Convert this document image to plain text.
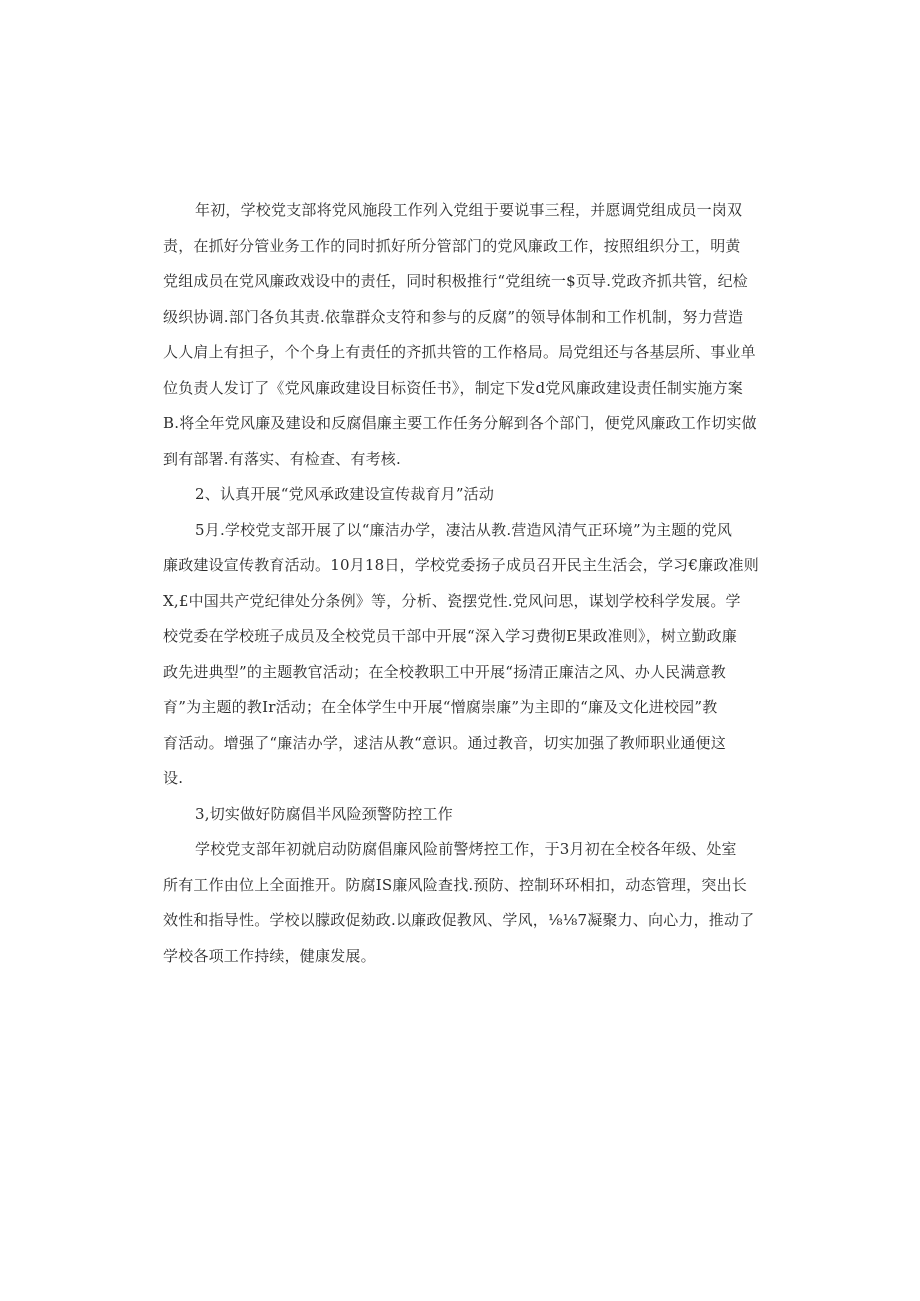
年初，学校党支部将党风施段工作列入党组于要说事三程，并愿调党组成员一岗双
责，在抓好分管业务工作的同时抓好所分管部门的党风廉政工作，按照组织分工，明黄
党组成员在党风廉政戏设中的责任，同时积极推行“党组统一$页导.党政齐抓共管，纪检
级织协调.部门各负其责.依靠群众支符和参与的反腐”的领导体制和工作机制，努力营造
人人肩上有担子，个个身上有责任的齐抓共管的工作格局。局党组还与各基层所、事业单
位负责人发订了《党风廉政建设目标资任书》，制定下发d党风廉政建设责任制实施方案
B.将全年党风廉及建设和反腐倡廉主要工作任务分解到各个部门，便党风廉政工作切实做
到有部署.有落实、有检查、有考核.
2、认真开展“党风承政建设宣传裁育月”活动
5月.学校党支部开展了以“廉洁办学，凄沽从教.营造风清气正环境”为主题的党风
廉政建设宣传教育活动。10月18日，学校党委扬子成员召开民主生活会，学习€廉政准则
X,£中国共产党纪律处分条例》等，分析、瓷摆党性.党风问思，谋划学校科学发展。学
校党委在学校班子成员及全校党员干部中开展“深入学习费彻E果政准则》，树立勤政廉
政先进典型”的主题教官活动；在全校教职工中开展“扬清正廉洁之风、办人民满意教
育”为主题的教Ir活动；在全体学生中开展“憎腐崇廉”为主即的“廉及文化进校园”教
育活动。增强了“廉洁办学，逑洁从教“意识。通过教音，切实加强了教师职业通便这
设.
3,切实做好防腐倡半风险颈警防控工作
学校党支部年初就启动防腐倡廉风险前警烤控工作，于3月初在全校各年级、处室
所有工作由位上全面推开。防腐IS廉风险查找.预防、控制环环相扣，动态管理，突出长
效性和指导性。学校以朦政促劾政.以廉政促教风、学风，⅛⅛7凝聚力、向心力，推动了
学校各项工作持续，健康发展。
